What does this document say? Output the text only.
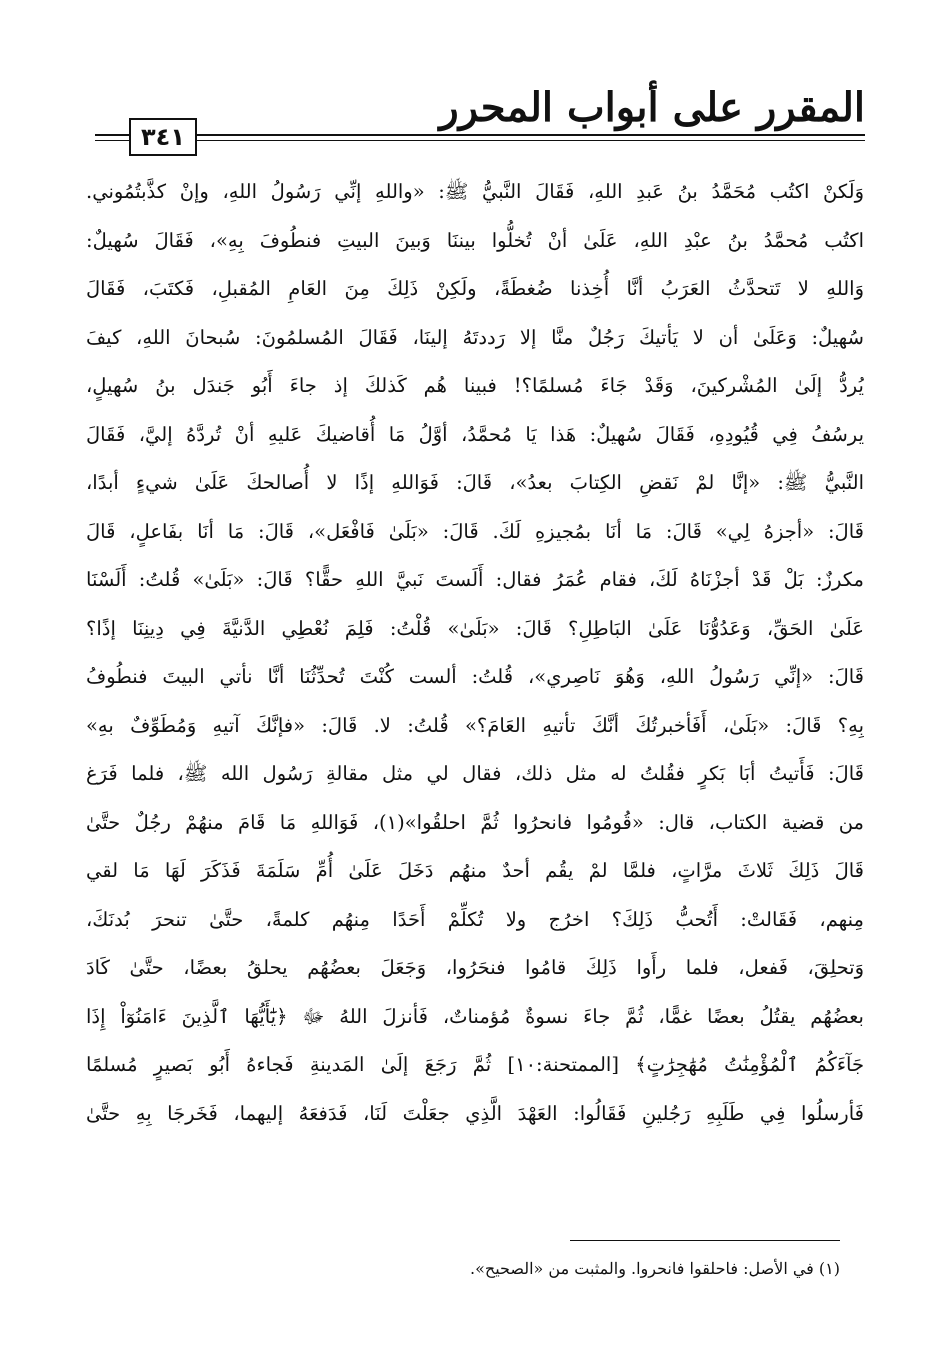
المقرر على أبواب المحرر
٣٤١
وَلَكنْ اكتُب مُحَمَّدُ بنُ عَبدِ اللهِ، فَقَالَ النَّبيُّ ﷺ: «واللهِ إنِّي رَسُولُ اللهِ، وإنْ كذَّبتُمُوني.
اكتُب مُحمَّدُ بنُ عبْدِ اللهِ، عَلَىٰ أنْ تُخلُّوا بيننَا وَبينَ البيتِ فنطُوفَ بِهِ»، فَقَالَ سُهيلٌ:
وَاللهِ لا تَتحدَّثُ العَرَبُ أنَّا أُخِذنا ضُغطَةً، ولَكِنْ ذَلِكَ مِنَ العَامِ المُقبلِ، فَكتَبَ، فَقَالَ
سُهيلٌ: وَعَلَىٰ أن لا يَأتيكَ رَجُلٌ منَّا إلا رَددتَهُ إلينَا، فَقَالَ المُسلمُونَ: سُبحانَ اللهِ، كيفَ
يُردُّ إلَىٰ المُشْركينَ، وَقَدْ جَاءَ مُسلمًا؟! فبينا هُم كَذلكَ إذ جاءَ أَبُو جَندَل بنُ سُهيلٍ،
يرسُفُ فِي قُيُودِهِ، فَقَالَ سُهيلٌ: هَذا يَا مُحمَّدُ، أوَّلُ مَا أُقاضيكَ عَليهِ أنْ تُردَّهُ إليَّ، فَقَالَ
النَّبيُّ ﷺ: «إنَّا لمْ نَقضِ الكِتابَ بعدُ»، قَالَ: فَوَاللهِ إذًا لا أُصالحكَ عَلَىٰ شيءٍ أبدًا،
قَالَ: «أجزهُ لِي» قَالَ: مَا أنَا بمُجيزهِ لَكَ. قَالَ: «بَلَىٰ فَافْعَل»، قَالَ: مَا أنَا بفَاعلٍ، قَالَ
مكرزٌ: بَلْ قَدْ أجزْنَاهُ لَكَ، فقام عُمَرُ فقال: أَلَستَ نَبيَّ اللهِ حقًّا؟ قَالَ: «بَلَىٰ» قُلتُ: أَلَسْنَا
عَلَىٰ الحَقِّ، وَعَدُوُّنَا عَلَىٰ البَاطِلِ؟ قَالَ: «بَلَىٰ» قُلْتُ: فَلِمَ نُعْطِي الدَّنيَّةَ فِي دِينِنَا إذًا؟
قَالَ: «إنِّي رَسُولُ اللهِ، وَهُوَ نَاصِري»، قُلتُ: ألست كُنْتَ تُحدِّثُنَا أنَّا نأتي البيتَ فنطُوفُ
بِهِ؟ قَالَ: «بَلَىٰ، أَفَأخبرتُكَ أنَّكَ تأتيهِ العَامَ؟» قُلتُ: لا. قَالَ: «فإنَّكَ آتيهِ وَمُطَوِّفٌ بهِ»
قَالَ: فَأَتيتُ أبَا بَكرٍ فقُلتُ له مثل ذلك، فقال لي مثل مقالةِ رَسُول الله ﷺ، فلما فَرَغ
من قضية الكتاب، قال: «قُومُوا فانحرُوا ثُمَّ احلقُوا»(١)، فَوَاللهِ مَا قَامَ منهُمْ رجُلٌ حتَّىٰ
قَالَ ذَلِكَ ثَلاثَ مرَّاتٍ، فلمَّا لمْ يقُم أحدٌ منهُم دَخَلَ عَلَىٰ أُمِّ سَلَمَةَ فَذَكَرَ لَهَا مَا لقي
مِنهم، فَقَالتْ: أَتُحبُّ ذَلِكَ؟ اخرُج ولا تُكلِّمْ أَحَدًا مِنهُم كلمةً، حتَّىٰ تنحرَ بُدنَكَ،
وَتحلِقَ، فَفعل، فلما رأَوا ذَلِكَ قامُوا فنحَرُوا، وَجَعَلَ بعضُهُم يحلقُ بعضًا، حتَّىٰ كَادَ
بعضُهُم يقتُلُ بعضًا غمًّا، ثُمَّ جاءَ نسوةٌ مُؤمناتٌ، فَأنزلَ اللهُ ﷻ ﴿يَٰٓأَيُّهَا ٱلَّذِينَ ءَامَنُوٓاْ إِذَا
جَآءَكُمُ ٱلْمُؤْمِنَٰتُ مُهَٰجِرَٰتٍ﴾ [الممتحنة:١٠] ثُمَّ رَجَعَ إلَىٰ المَدينةِ فَجاءهُ أَبُو بَصيرٍ مُسلمًا
فَأرسلُوا فِي طَلَبِهِ رَجُلينِ فَقَالُوا: العَهْدَ الَّذِي جعَلْتَ لَنَا، فَدَفعَهُ إليهما، فَخَرجَا بِهِ حتَّىٰ
(١) في الأصل: فاحلقوا فانحروا. والمثبت من «الصحيح».
